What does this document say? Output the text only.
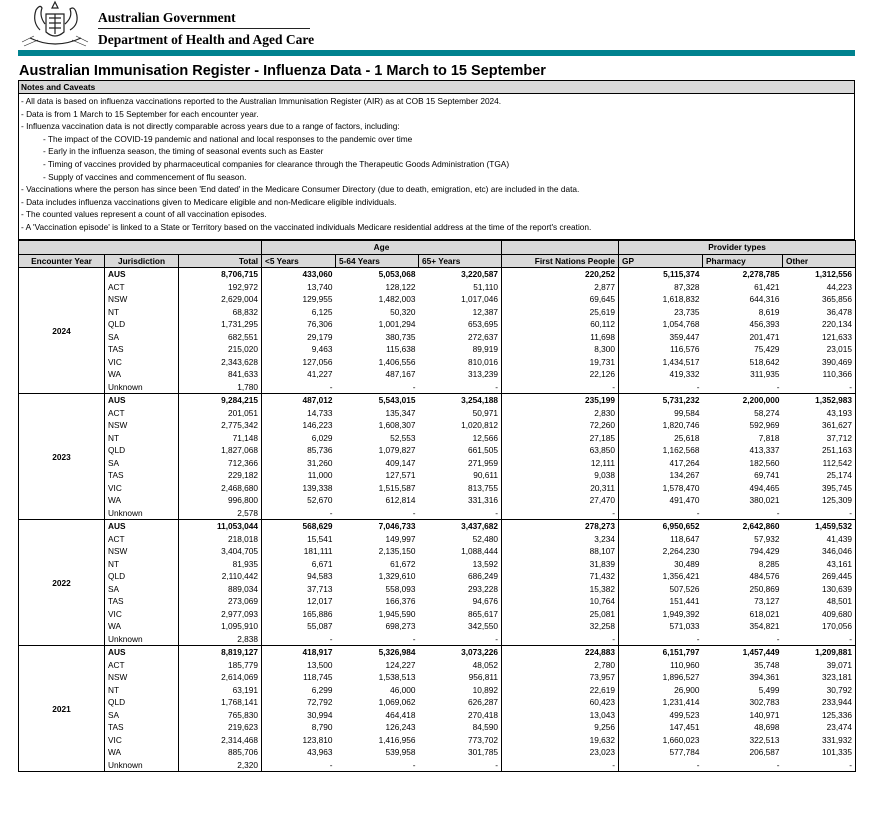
Australian Government
Department of Health and Aged Care
Australian Immunisation Register - Influenza Data - 1 March to 15 September
Notes and Caveats
- All data is based on influenza vaccinations reported to the Australian Immunisation Register (AIR) as at COB 15 September 2024.
- Data is from 1 March to 15 September for each encounter year.
- Influenza vaccination data is not directly comparable across years due to a range of factors, including:
- The impact of the COVID-19 pandemic and national and local responses to the pandemic over time
- Early in the influenza season, the timing of seasonal events such as Easter
- Timing of vaccines provided by pharmaceutical companies for clearance through the Therapeutic Goods Administration (TGA)
- Supply of vaccines and commencement of flu season.
- Vaccinations where the person has since been 'End dated' in the Medicare Consumer Directory (due to death, emigration, etc) are included in the data.
- Data includes influenza vaccinations given to Medicare eligible and non-Medicare eligible individuals.
- The counted values represent a count of all vaccination episodes.
- A 'Vaccination episode' is linked to a State or Territory based on the vaccinated individuals Medicare residential address at the time of the report's creation.
			Age				Provider types		
Encounter Year	Jurisdiction	Total	<5 Years	5-64 Years	65+ Years	First Nations People	GP	Pharmacy	Other
2024	AUS	8,706,715	433,060	5,053,068	3,220,587	220,252	5,115,374	2,278,785	1,312,556
	ACT	192,972	13,740	128,122	51,110	2,877	87,328	61,421	44,223
	NSW	2,629,004	129,955	1,482,003	1,017,046	69,645	1,618,832	644,316	365,856
	NT	68,832	6,125	50,320	12,387	25,619	23,735	8,619	36,478
	QLD	1,731,295	76,306	1,001,294	653,695	60,112	1,054,768	456,393	220,134
	SA	682,551	29,179	380,735	272,637	11,698	359,447	201,471	121,633
	TAS	215,020	9,463	115,638	89,919	8,300	116,576	75,429	23,015
	VIC	2,343,628	127,056	1,406,556	810,016	19,731	1,434,517	518,642	390,469
	WA	841,633	41,227	487,167	313,239	22,126	419,332	311,935	110,366
	Unknown	1,780	-	-	-	-	-	-	-
2023	AUS	9,284,215	487,012	5,543,015	3,254,188	235,199	5,731,232	2,200,000	1,352,983
	ACT	201,051	14,733	135,347	50,971	2,830	99,584	58,274	43,193
	NSW	2,775,342	146,223	1,608,307	1,020,812	72,260	1,820,746	592,969	361,627
	NT	71,148	6,029	52,553	12,566	27,185	25,618	7,818	37,712
	QLD	1,827,068	85,736	1,079,827	661,505	63,850	1,162,568	413,337	251,163
	SA	712,366	31,260	409,147	271,959	12,111	417,264	182,560	112,542
	TAS	229,182	11,000	127,571	90,611	9,038	134,267	69,741	25,174
	VIC	2,468,680	139,338	1,515,587	813,755	20,311	1,578,470	494,465	395,745
	WA	996,800	52,670	612,814	331,316	27,470	491,470	380,021	125,309
	Unknown	2,578	-	-	-	-	-	-	-
2022	AUS	11,053,044	568,629	7,046,733	3,437,682	278,273	6,950,652	2,642,860	1,459,532
	ACT	218,018	15,541	149,997	52,480	3,234	118,647	57,932	41,439
	NSW	3,404,705	181,111	2,135,150	1,088,444	88,107	2,264,230	794,429	346,046
	NT	81,935	6,671	61,672	13,592	31,839	30,489	8,285	43,161
	QLD	2,110,442	94,583	1,329,610	686,249	71,432	1,356,421	484,576	269,445
	SA	889,034	37,713	558,093	293,228	15,382	507,526	250,869	130,639
	TAS	273,069	12,017	166,376	94,676	10,764	151,441	73,127	48,501
	VIC	2,977,093	165,886	1,945,590	865,617	25,081	1,949,392	618,021	409,680
	WA	1,095,910	55,087	698,273	342,550	32,258	571,033	354,821	170,056
	Unknown	2,838	-	-	-	-	-	-	-
2021	AUS	8,819,127	418,917	5,326,984	3,073,226	224,883	6,151,797	1,457,449	1,209,881
	ACT	185,779	13,500	124,227	48,052	2,780	110,960	35,748	39,071
	NSW	2,614,069	118,745	1,538,513	956,811	73,957	1,896,527	394,361	323,181
	NT	63,191	6,299	46,000	10,892	22,619	26,900	5,499	30,792
	QLD	1,768,141	72,792	1,069,062	626,287	60,423	1,231,414	302,783	233,944
	SA	765,830	30,994	464,418	270,418	13,043	499,523	140,971	125,336
	TAS	219,623	8,790	126,243	84,590	9,256	147,451	48,698	23,474
	VIC	2,314,468	123,810	1,416,956	773,702	19,632	1,660,023	322,513	331,932
	WA	885,706	43,963	539,958	301,785	23,023	577,784	206,587	101,335
	Unknown	2,320	-	-	-	-	-	-	-
